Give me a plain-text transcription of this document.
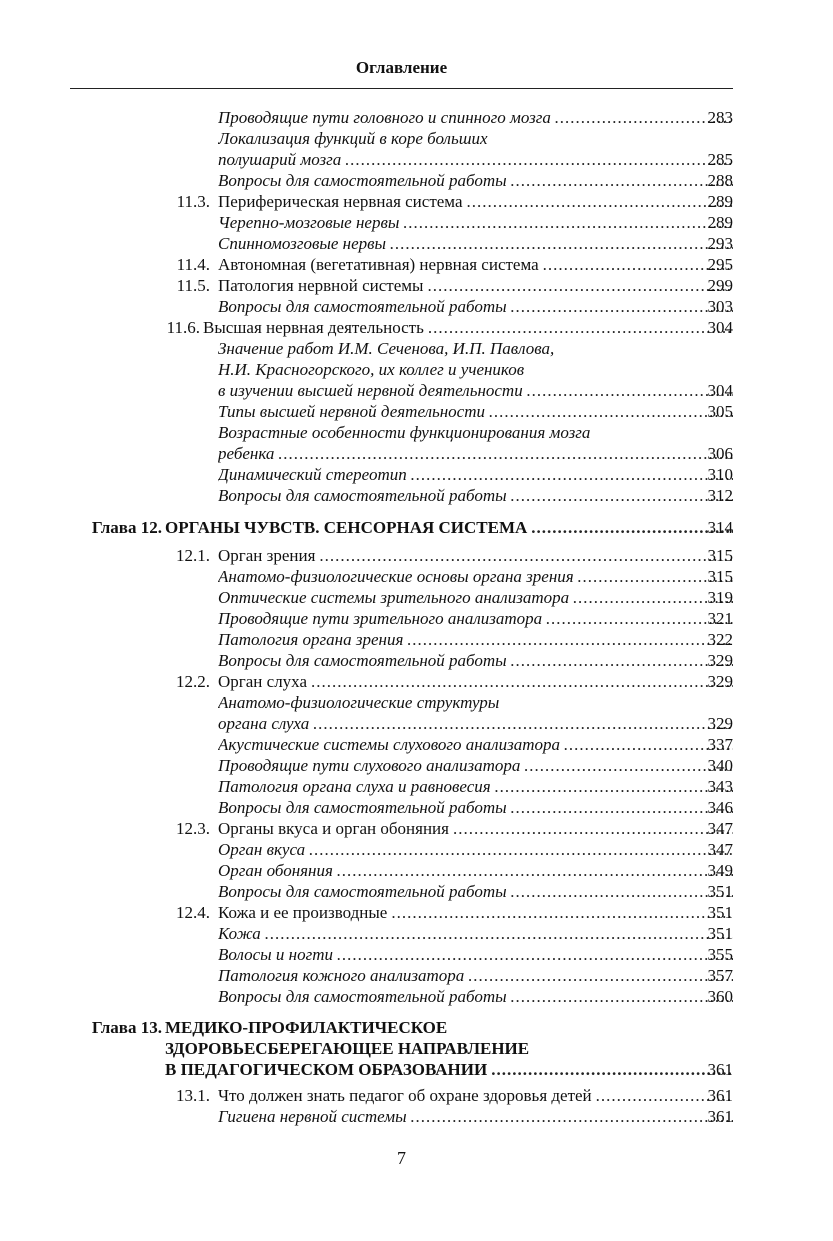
Оглавление
Проводящие пути головного и спинного мозга .....	283
Локализация функций в коре больших
полушарий мозга .....	285
Вопросы для самостоятельной работы .....	288
11.3. Периферическая нервная система .....	289
Черепно-мозговые нервы .....	289
Спинномозговые нервы .....	293
11.4. Автономная (вегетативная) нервная система .....	295
11.5. Патология нервной системы .....	299
Вопросы для самостоятельной работы .....	303
11.6. Высшая нервная деятельность .....	304
Значение работ И.М. Сеченова, И.П. Павлова,
Н.И. Красногорского, их коллег и учеников
в изучении высшей нервной деятельности .....	304
Типы высшей нервной деятельности .....	305
Возрастные особенности функционирования мозга
ребенка .....	306
Динамический стереотип .....	310
Вопросы для самостоятельной работы .....	312
Глава 12. ОРГАНЫ ЧУВСТВ. СЕНСОРНАЯ СИСТЕМА .....	314
12.1. Орган зрения .....	315
Анатомо-физиологические основы органа зрения .....	315
Оптические системы зрительного анализатора .....	319
Проводящие пути зрительного анализатора .....	321
Патология органа зрения .....	322
Вопросы для самостоятельной работы .....	329
12.2. Орган слуха .....	329
Анатомо-физиологические структуры
органа слуха .....	329
Акустические системы слухового анализатора .....	337
Проводящие пути слухового анализатора .....	340
Патология органа слуха и равновесия .....	343
Вопросы для самостоятельной работы .....	346
12.3. Органы вкуса и орган обоняния .....	347
Орган вкуса .....	347
Орган обоняния .....	349
Вопросы для самостоятельной работы .....	351
12.4. Кожа и ее производные .....	351
Кожа .....	351
Волосы и ногти .....	355
Патология кожного анализатора .....	357
Вопросы для самостоятельной работы .....	360
Глава 13. МЕДИКО-ПРОФИЛАКТИЧЕСКОЕ
ЗДОРОВЬЕСБЕРЕГАЮЩЕЕ НАПРАВЛЕНИЕ
В ПЕДАГОГИЧЕСКОМ ОБРАЗОВАНИИ .....	361
13.1. Что должен знать педагог об охране здоровья детей .....	361
Гигиена нервной системы .....	361
7
